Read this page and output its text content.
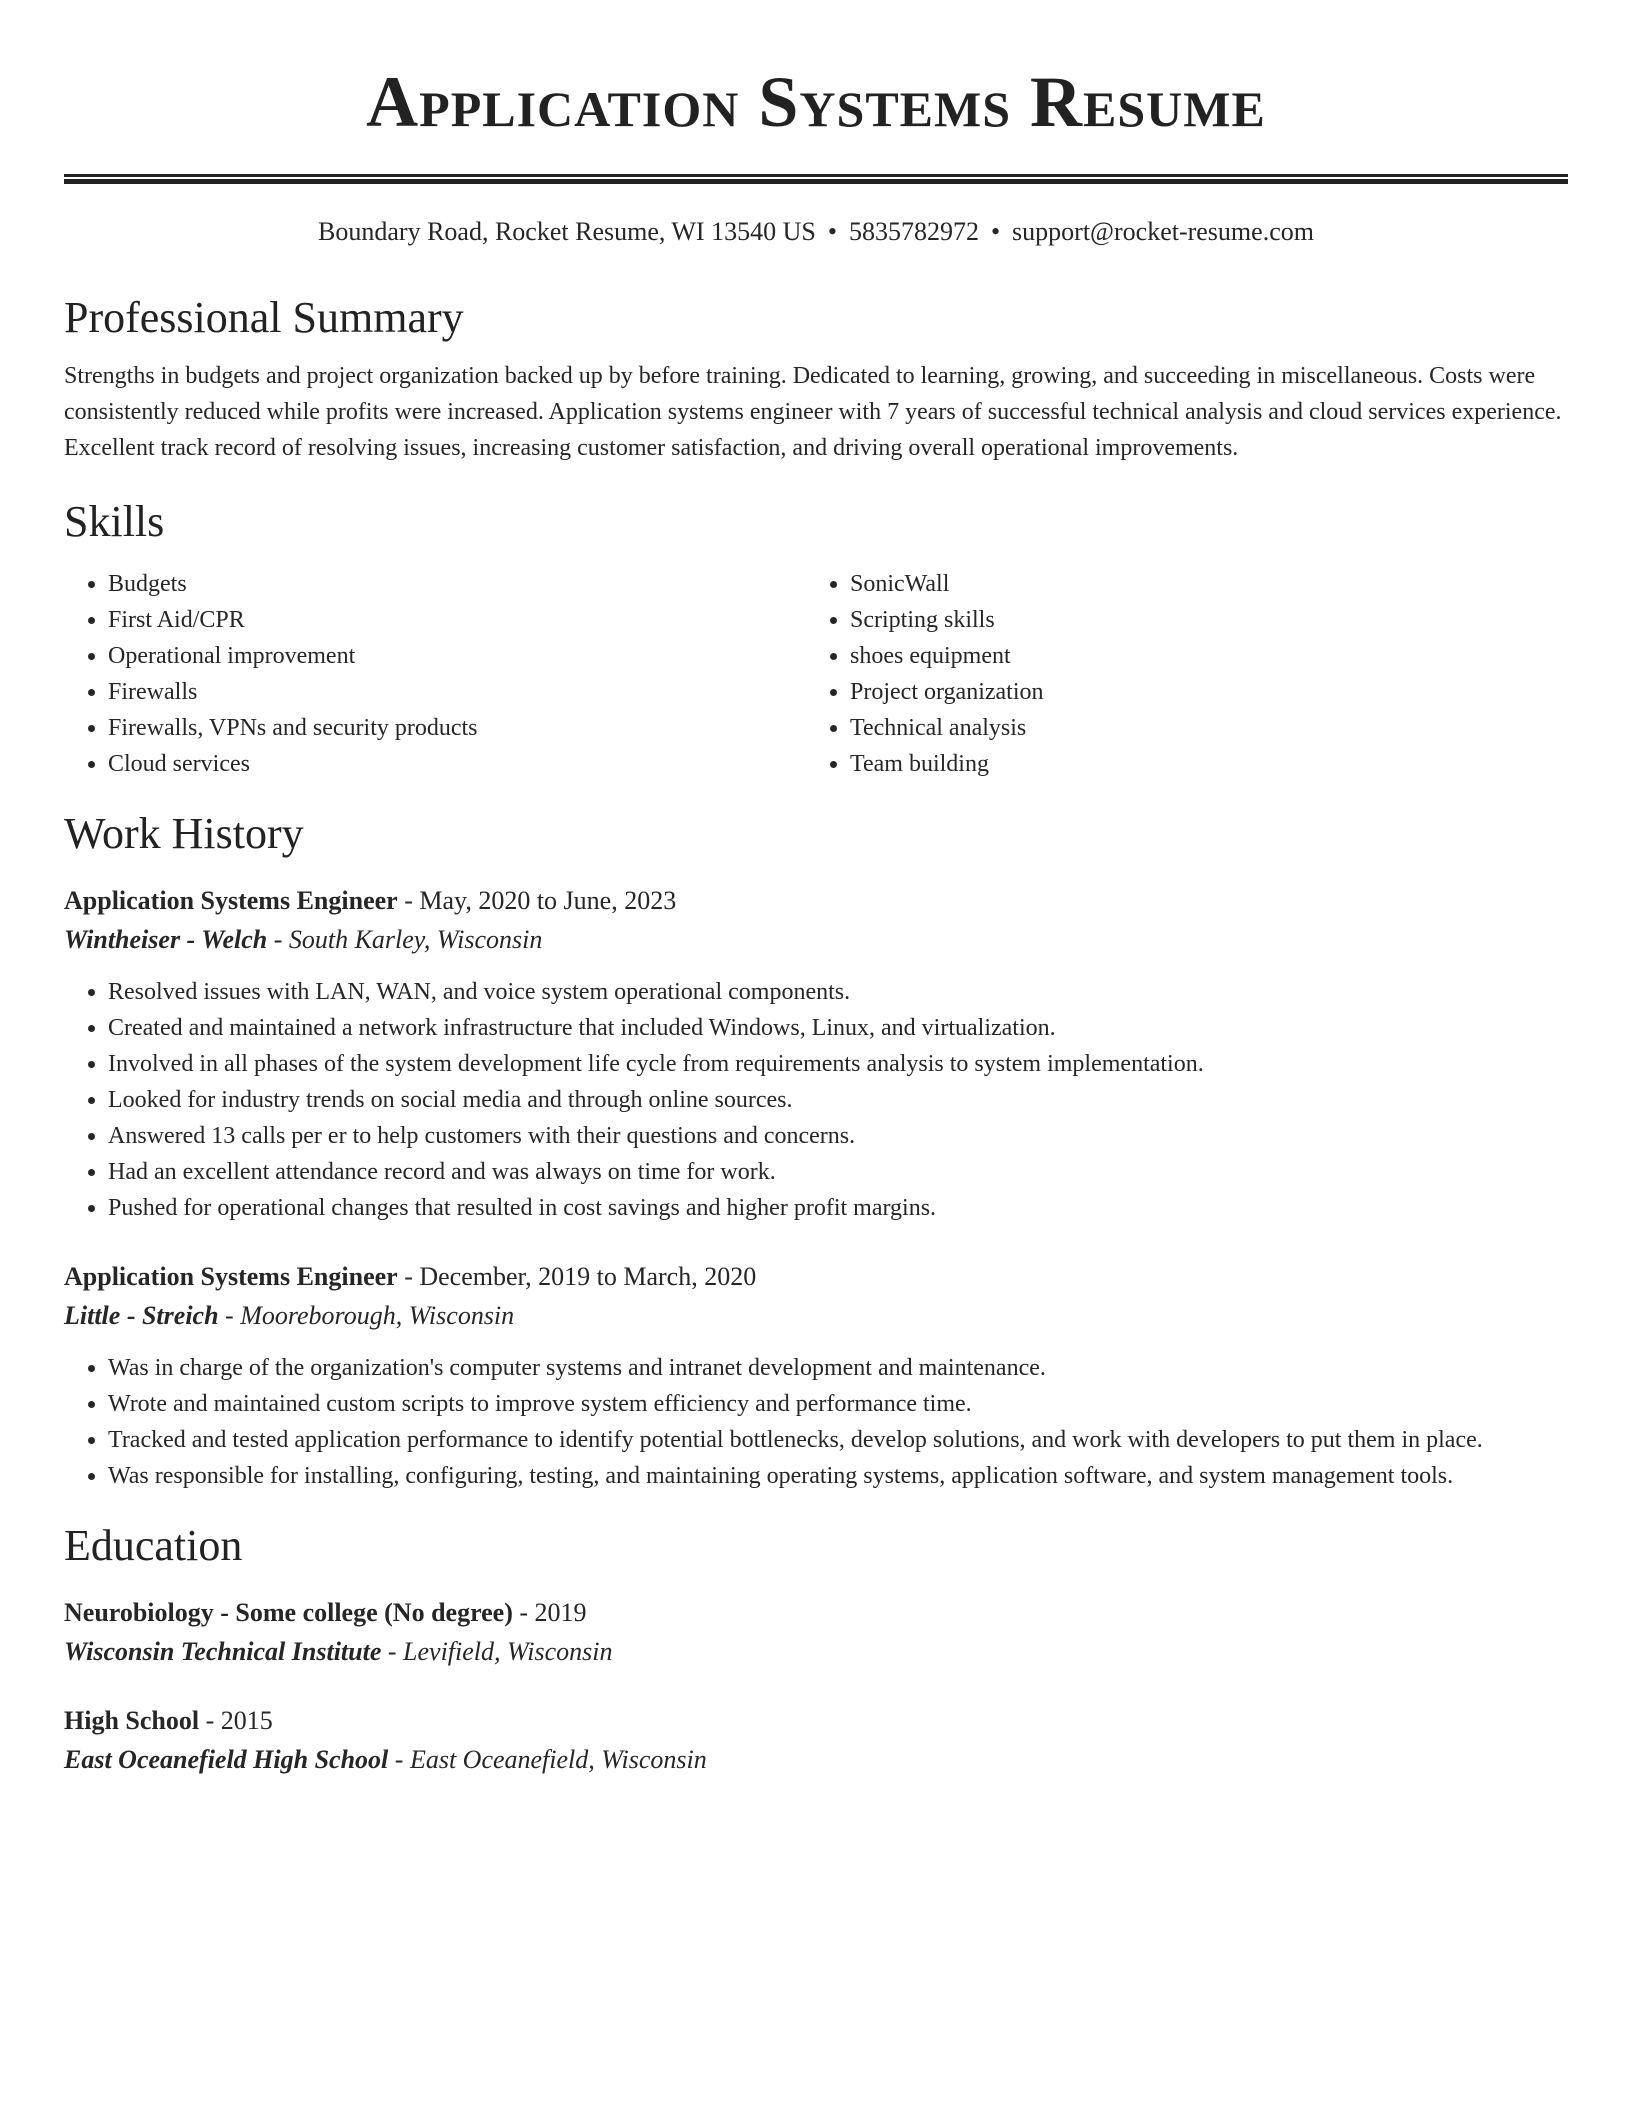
Application Systems Resume
Boundary Road, Rocket Resume, WI 13540 US • 5835782972 • support@rocket-resume.com
Professional Summary

Strengths in budgets and project organization backed up by before training. Dedicated to learning, growing, and succeeding in miscellaneous. Costs were consistently reduced while profits were increased. Application systems engineer with 7 years of successful technical analysis and cloud services experience. Excellent track record of resolving issues, increasing customer satisfaction, and driving overall operational improvements.

Skills
• Budgets
• First Aid/CPR
• Operational improvement
• Firewalls
• Firewalls, VPNs and security products
• Cloud services
• SonicWall
• Scripting skills
• shoes equipment
• Project organization
• Technical analysis
• Team building
Work History
Application Systems Engineer - May, 2020 to June, 2023
Wintheiser - Welch - South Karley, Wisconsin
• Resolved issues with LAN, WAN, and voice system operational components.
• Created and maintained a network infrastructure that included Windows, Linux, and virtualization.
• Involved in all phases of the system development life cycle from requirements analysis to system implementation.
• Looked for industry trends on social media and through online sources.
• Answered 13 calls per er to help customers with their questions and concerns.
• Had an excellent attendance record and was always on time for work.
• Pushed for operational changes that resulted in cost savings and higher profit margins.
Application Systems Engineer - December, 2019 to March, 2020
Little - Streich - Mooreborough, Wisconsin
• Was in charge of the organization's computer systems and intranet development and maintenance.
• Wrote and maintained custom scripts to improve system efficiency and performance time.
• Tracked and tested application performance to identify potential bottlenecks, develop solutions, and work with developers to put them in place.
• Was responsible for installing, configuring, testing, and maintaining operating systems, application software, and system management tools.
Education
Neurobiology - Some college (No degree) - 2019
Wisconsin Technical Institute - Levifield, Wisconsin
High School - 2015
East Oceanefield High School - East Oceanefield, Wisconsin
